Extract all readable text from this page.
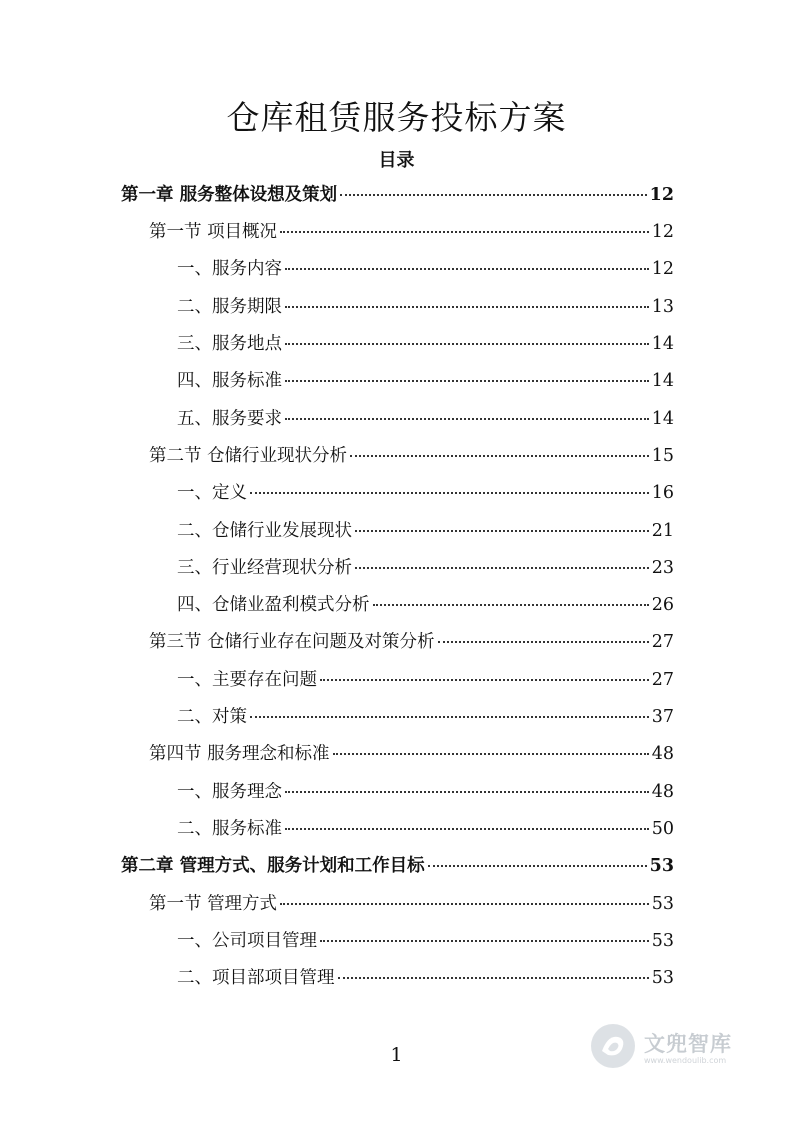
仓库租赁服务投标方案
目录
第一章 服务整体设想及策划	12
第一节 项目概况	12
一、服务内容	12
二、服务期限	13
三、服务地点	14
四、服务标准	14
五、服务要求	14
第二节 仓储行业现状分析	15
一、定义	16
二、仓储行业发展现状	21
三、行业经营现状分析	23
四、仓储业盈利模式分析	26
第三节 仓储行业存在问题及对策分析	27
一、主要存在问题	27
二、对策	37
第四节 服务理念和标准	48
一、服务理念	48
二、服务标准	50
第二章 管理方式、服务计划和工作目标	53
第一节 管理方式	53
一、公司项目管理	53
二、项目部项目管理	53
1	文兜智库
www.wendoulib.com
